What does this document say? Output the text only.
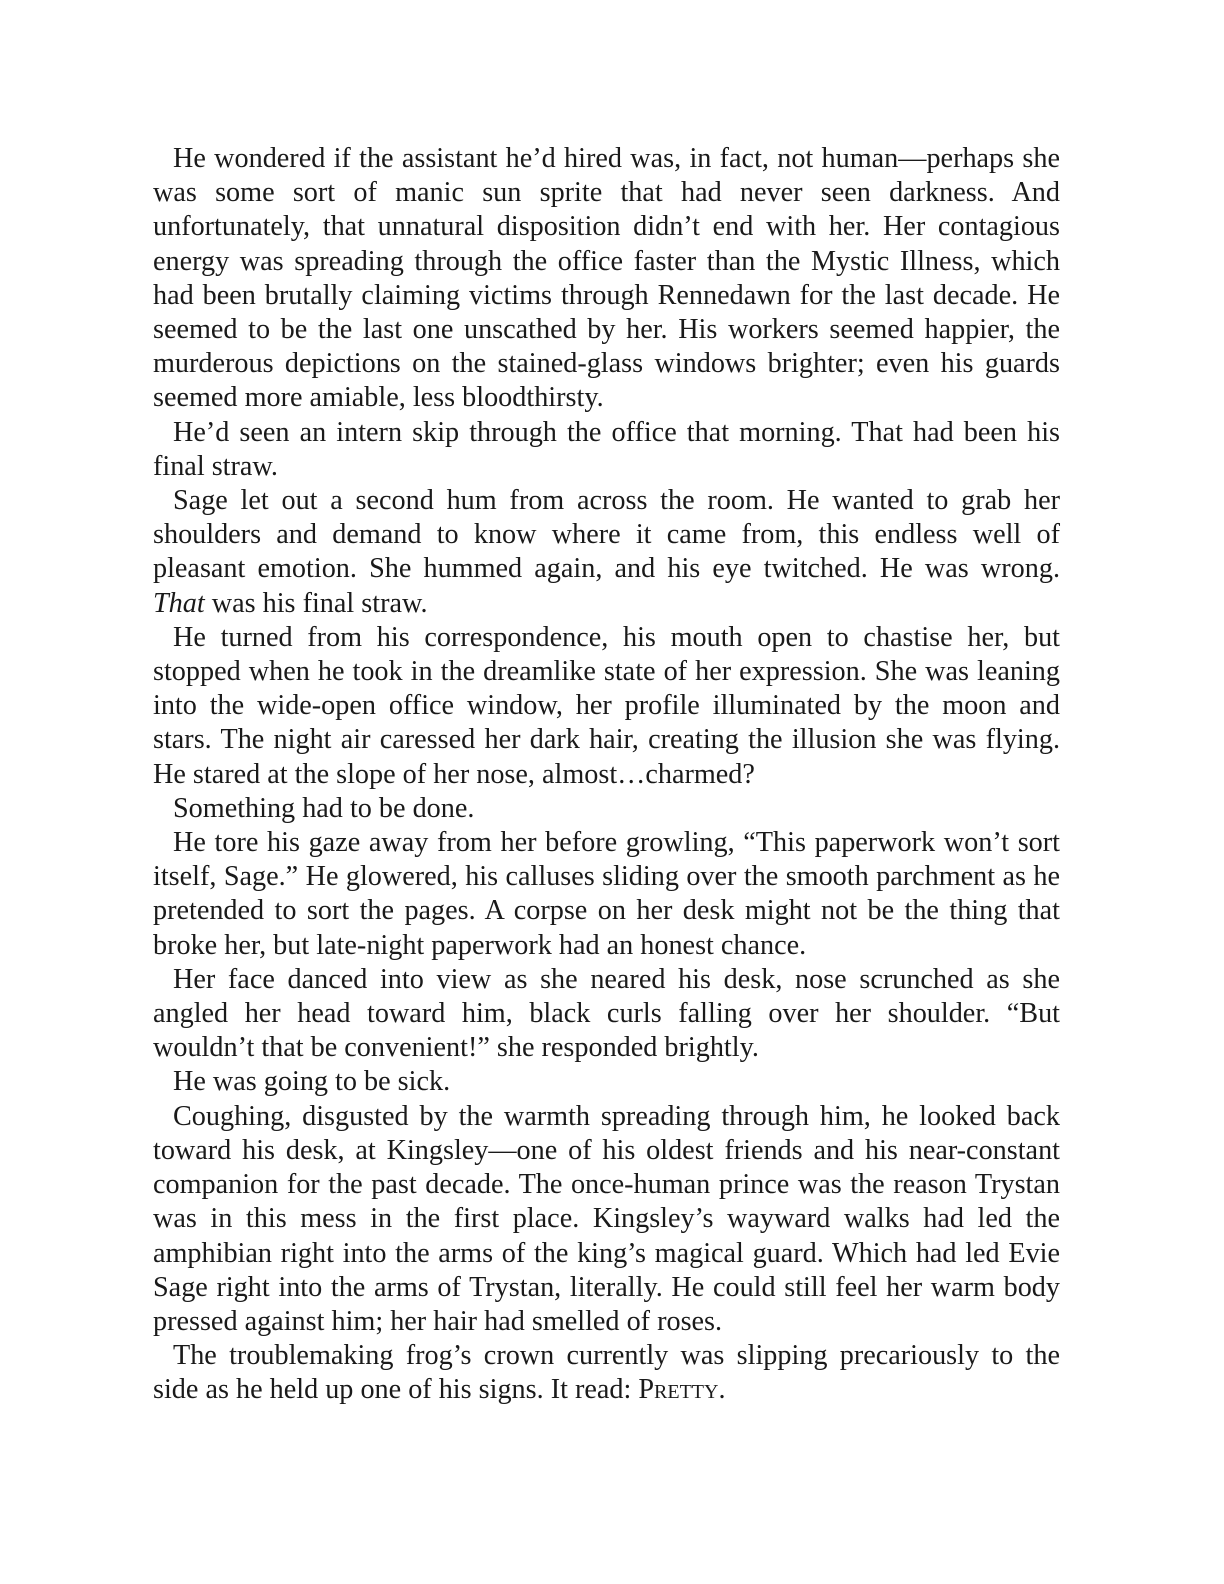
He wondered if the assistant he’d hired was, in fact, not human—perhaps she was some sort of manic sun sprite that had never seen darkness. And unfortunately, that unnatural disposition didn’t end with her. Her contagious energy was spreading through the office faster than the Mystic Illness, which had been brutally claiming victims through Rennedawn for the last decade. He seemed to be the last one unscathed by her. His workers seemed happier, the murderous depictions on the stained-glass windows brighter; even his guards seemed more amiable, less bloodthirsty.

He’d seen an intern skip through the office that morning. That had been his final straw.

Sage let out a second hum from across the room. He wanted to grab her shoulders and demand to know where it came from, this endless well of pleasant emotion. She hummed again, and his eye twitched. He was wrong. That was his final straw.

He turned from his correspondence, his mouth open to chastise her, but stopped when he took in the dreamlike state of her expression. She was leaning into the wide-open office window, her profile illuminated by the moon and stars. The night air caressed her dark hair, creating the illusion she was flying. He stared at the slope of her nose, almost…charmed?

Something had to be done.

He tore his gaze away from her before growling, “This paperwork won’t sort itself, Sage.” He glowered, his calluses sliding over the smooth parchment as he pretended to sort the pages. A corpse on her desk might not be the thing that broke her, but late-night paperwork had an honest chance.

Her face danced into view as she neared his desk, nose scrunched as she angled her head toward him, black curls falling over her shoulder. “But wouldn’t that be convenient!” she responded brightly.

He was going to be sick.

Coughing, disgusted by the warmth spreading through him, he looked back toward his desk, at Kingsley—one of his oldest friends and his near-constant companion for the past decade. The once-human prince was the reason Trystan was in this mess in the first place. Kingsley’s wayward walks had led the amphibian right into the arms of the king’s magical guard. Which had led Evie Sage right into the arms of Trystan, literally. He could still feel her warm body pressed against him; her hair had smelled of roses.

The troublemaking frog’s crown currently was slipping precariously to the side as he held up one of his signs. It read: Pretty.
